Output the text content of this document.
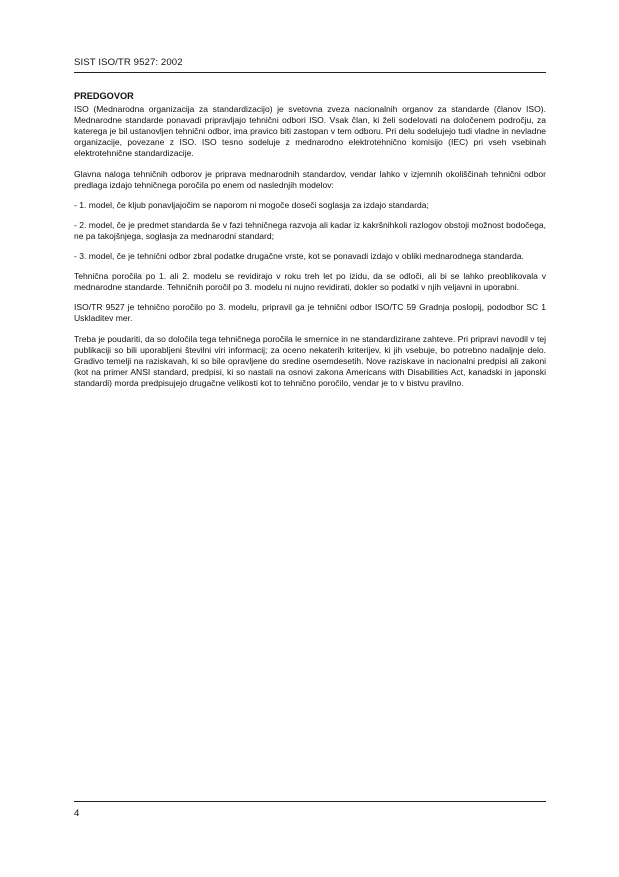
SIST ISO/TR 9527: 2002
PREDGOVOR

ISO (Mednarodna organizacija za standardizacijo) je svetovna zveza nacionalnih organov za standarde (članov ISO). Mednarodne standarde ponavadi pripravljajo tehnični odbori ISO. Vsak član, ki želi sodelovati na določenem področju, za katerega je bil ustanovljen tehnični odbor, ima pravico biti zastopan v tem odboru. Pri delu sodelujejo tudi vladne in nevladne organizacije, povezane z ISO. ISO tesno sodeluje z mednarodno elektrotehnično komisijo (IEC) pri vseh vsebinah elektrotehnične standardizacije.

Glavna naloga tehničnih odborov je priprava mednarodnih standardov, vendar lahko v izjemnih okoliščinah tehnični odbor predlaga izdajo tehničnega poročila po enem od naslednjih modelov:

- 1. model, če kljub ponavljajočim se naporom ni mogoče doseči soglasja za izdajo standarda;

- 2. model, če je predmet standarda še v fazi tehničnega razvoja ali kadar iz kakršnihkoli razlogov obstoji možnost bodočega, ne pa takojšnjega, soglasja za mednarodni standard;

- 3. model, če je tehnični odbor zbral podatke drugačne vrste, kot se ponavadi izdajo v obliki mednarodnega standarda.

Tehnična poročila po 1. ali 2. modelu se revidirajo v roku treh let po izidu, da se odloči, ali bi se lahko preoblikovala v mednarodne standarde. Tehničnih poročil po 3. modelu ni nujno revidirati, dokler so podatki v njih veljavni in uporabni.

ISO/TR 9527 je tehnično poročilo po 3. modelu, pripravil ga je tehnični odbor ISO/TC 59 Gradnja poslopij, pododbor SC 1 Uskladitev mer.

Treba je poudariti, da so določila tega tehničnega poročila le smernice in ne standardizirane zahteve. Pri pripravi navodil v tej publikaciji so bili uporabljeni številni viri informacij; za oceno nekaterih kriterijev, ki jih vsebuje, bo potrebno nadaljnje delo. Gradivo temelji na raziskavah, ki so bile opravljene do sredine osemdesetih. Nove raziskave in nacionalni predpisi ali zakoni (kot na primer ANSI standard, predpisi, ki so nastali na osnovi zakona Americans with Disabilities Act, kanadski in japonski standardi) morda predpisujejo drugačne velikosti kot to tehnično poročilo, vendar je to v bistvu pravilno.

4
